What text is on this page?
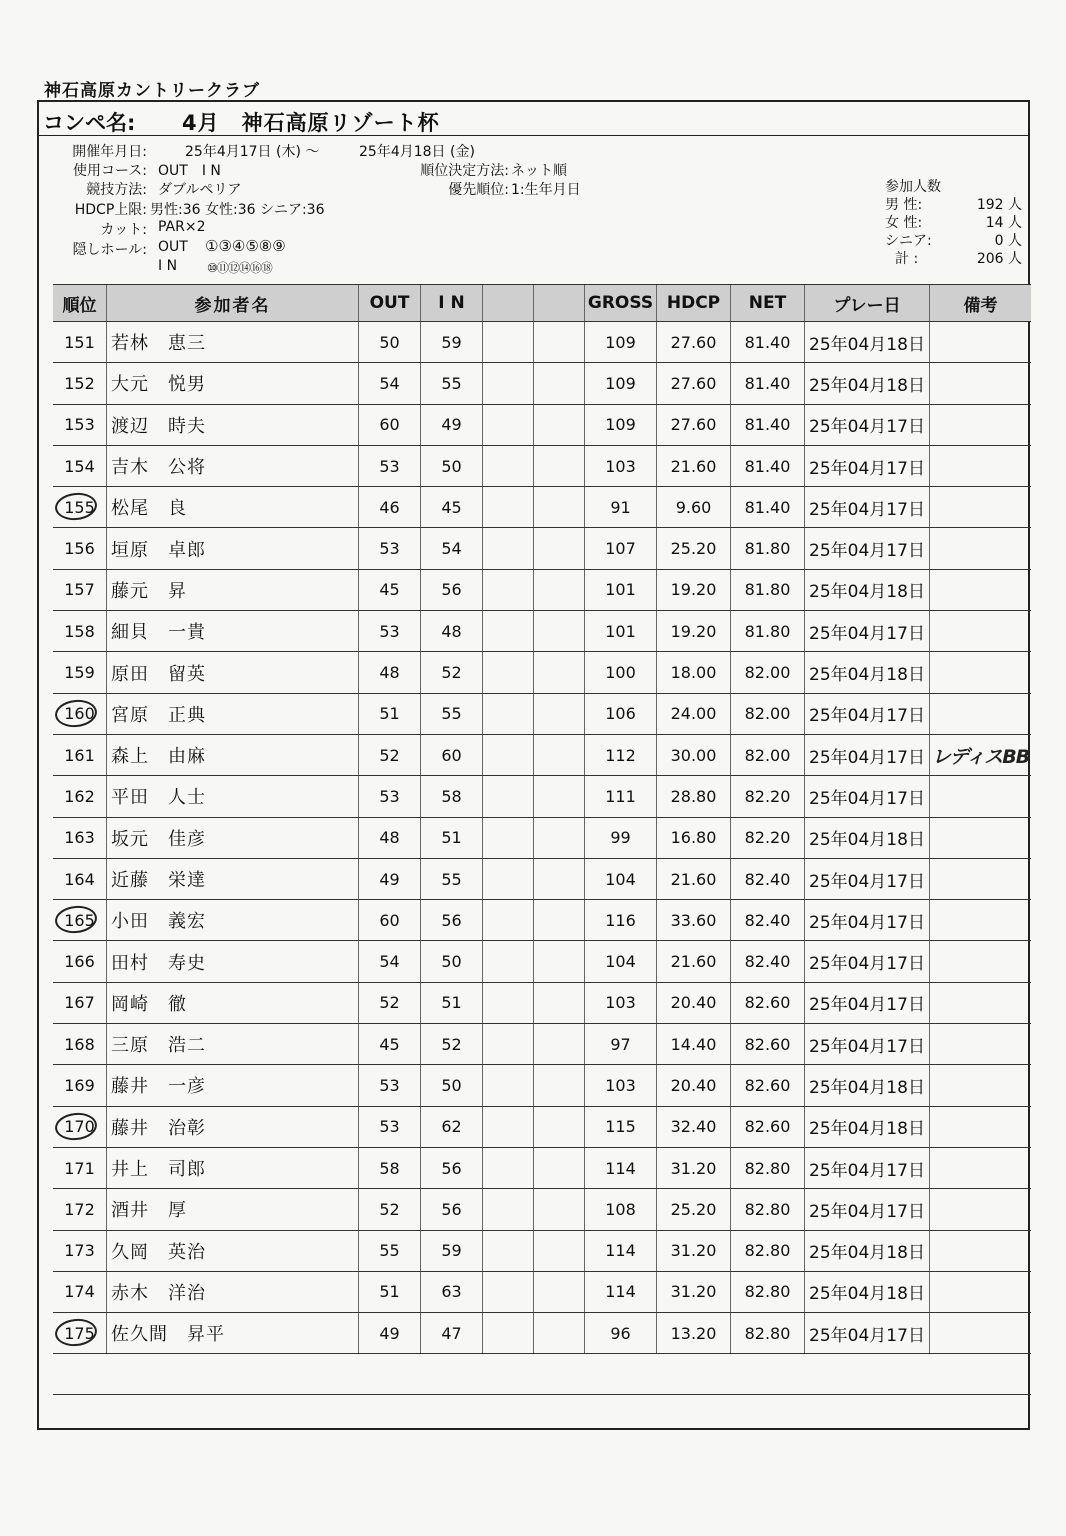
神石高原カントリークラブ
コンペ名: 4月　神石高原リゾート杯
開催年月日:	25年4月17日 (木) ～	25年4月18日 (金)
使用コース: OUT　I N	順位決定方法: ネット順
競技方法: ダブルペリア	優先順位: 1:生年月日
HDCP上限: 男性:36 女性:36 シニア:36
カット: PAR×2
隠しホール: OUT ①③④⑤⑧⑨
I N ⑩⑪⑫⑭⑯⑱
参加人数
男 性:	192 人
女 性:	14 人
シニア:	0 人
計 :	206 人
順位	参加者名	OUT	I N	GROSS HDCP	NET	プレー日	備考
151 若林　恵三	50	59	109	27.60	81.40	25年04月18日
152 大元　悦男	54	55	109	27.60	81.40	25年04月18日
153 渡辺　時夫	60	49	109	27.60	81.40	25年04月17日
154 吉木　公将	53	50	103	21.60	81.40	25年04月17日
155 松尾　良	46	45	91	9.60	81.40	25年04月17日
156 垣原　卓郎	53	54	107	25.20	81.80	25年04月17日
157 藤元　昇	45	56	101	19.20	81.80	25年04月18日
158 細貝　一貴	53	48	101	19.20	81.80	25年04月17日
159 原田　留英	48	52	100	18.00	82.00	25年04月18日
160 宮原　正典	51	55	106	24.00	82.00	25年04月17日
161 森上　由麻	52	60	112	30.00	82.00	25年04月17日 レディスBB
162 平田　人士	53	58	111	28.80	82.20	25年04月17日
163 坂元　佳彦	48	51	99	16.80	82.20	25年04月18日
164 近藤　栄達	49	55	104	21.60	82.40	25年04月17日
165 小田　義宏	60	56	116	33.60	82.40	25年04月17日
166 田村　寿史	54	50	104	21.60	82.40	25年04月17日
167 岡崎　徹	52	51	103	20.40	82.60	25年04月17日
168 三原　浩二	45	52	97	14.40	82.60	25年04月17日
169 藤井　一彦	53	50	103	20.40	82.60	25年04月18日
170 藤井　治彰	53	62	115	32.40	82.60	25年04月18日
171 井上　司郎	58	56	114	31.20	82.80	25年04月17日
172 酒井　厚	52	56	108	25.20	82.80	25年04月17日
173 久岡　英治	55	59	114	31.20	82.80	25年04月18日
174 赤木　洋治	51	63	114	31.20	82.80	25年04月18日
175 佐久間　昇平	49	47	96	13.20	82.80	25年04月17日
